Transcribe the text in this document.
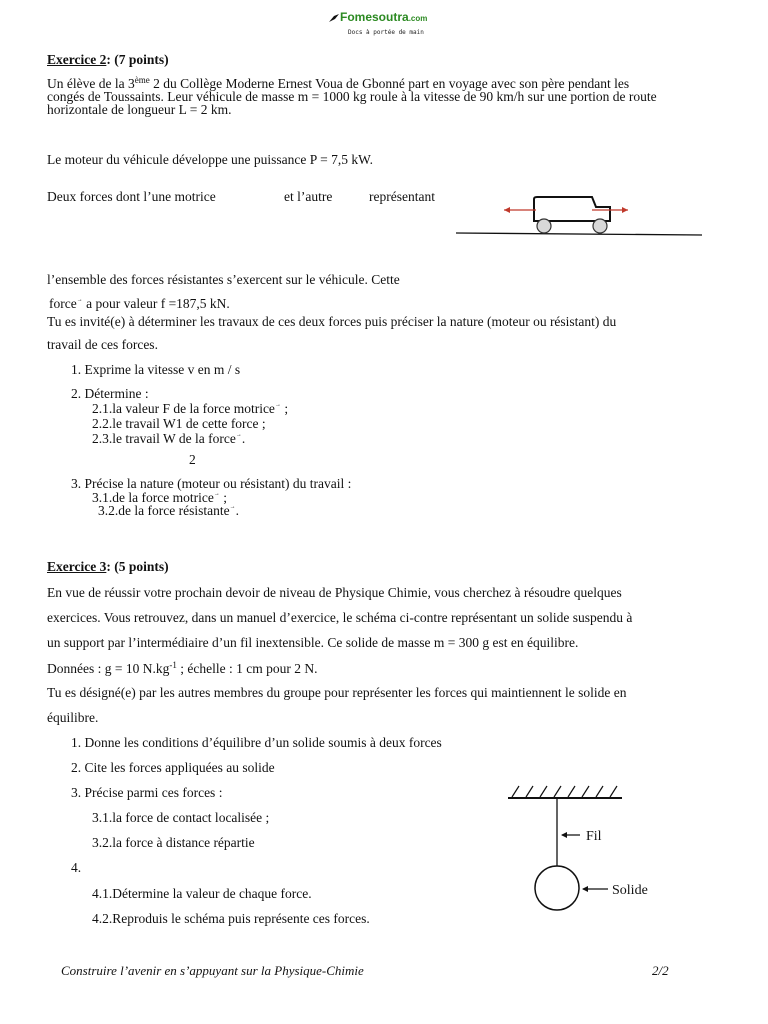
Fomesoutra.com
Docs à portée de main
Exercice 2: (7 points)
Un élève de la 3ème 2 du Collège Moderne Ernest Voua de Gbonné part en voyage avec son père pendant les
congés de Toussaints. Leur véhicule de masse m = 1000 kg roule à la vitesse de 90 km/h sur une portion de route
horizontale de longueur L = 2 km.
Le moteur du véhicule développe une puissance P = 7,5 kW.
Deux forces dont l’une motrice	et l’autre	représentant
l’ensemble des forces résistantes s’exercent sur le véhicule. Cette
force→ a pour valeur f =187,5 kN.
Tu es invité(e) à déterminer les travaux de ces deux forces puis préciser la nature (moteur ou résistant) du
travail de ces forces.
1. Exprime la vitesse v en m / s
2. Détermine :
2.1.la valeur F de la force motrice→ ;
2.2.le travail W1 de cette force ;
2.3.le travail W de la force→.
2
3. Précise la nature (moteur ou résistant) du travail :
3.1.de la force motrice→ ;
3.2.de la force résistante→.
Exercice 3: (5 points)
En vue de réussir votre prochain devoir de niveau de Physique Chimie, vous cherchez à résoudre quelques
exercices. Vous retrouvez, dans un manuel d’exercice, le schéma ci-contre représentant un solide suspendu à
un support par l’intermédiaire d’un fil inextensible. Ce solide de masse m = 300 g est en équilibre.
Données : g = 10 $N.kg^{-1}$ ; échelle : 1 cm pour 2 N.
Tu es désigné(e) par les autres membres du groupe pour représenter les forces qui maintiennent le solide en
équilibre.
1. Donne les conditions d’équilibre d’un solide soumis à deux forces
2. Cite les forces appliquées au solide
3. Précise parmi ces forces :
3.1.la force de contact localisée ;
3.2.la force à distance répartie
4.
4.1.Détermine la valeur de chaque force.
4.2.Reproduis le schéma puis représente ces forces.
Fil
Solide
Construire l’avenir en s’appuyant sur la Physique-Chimie	2/2
